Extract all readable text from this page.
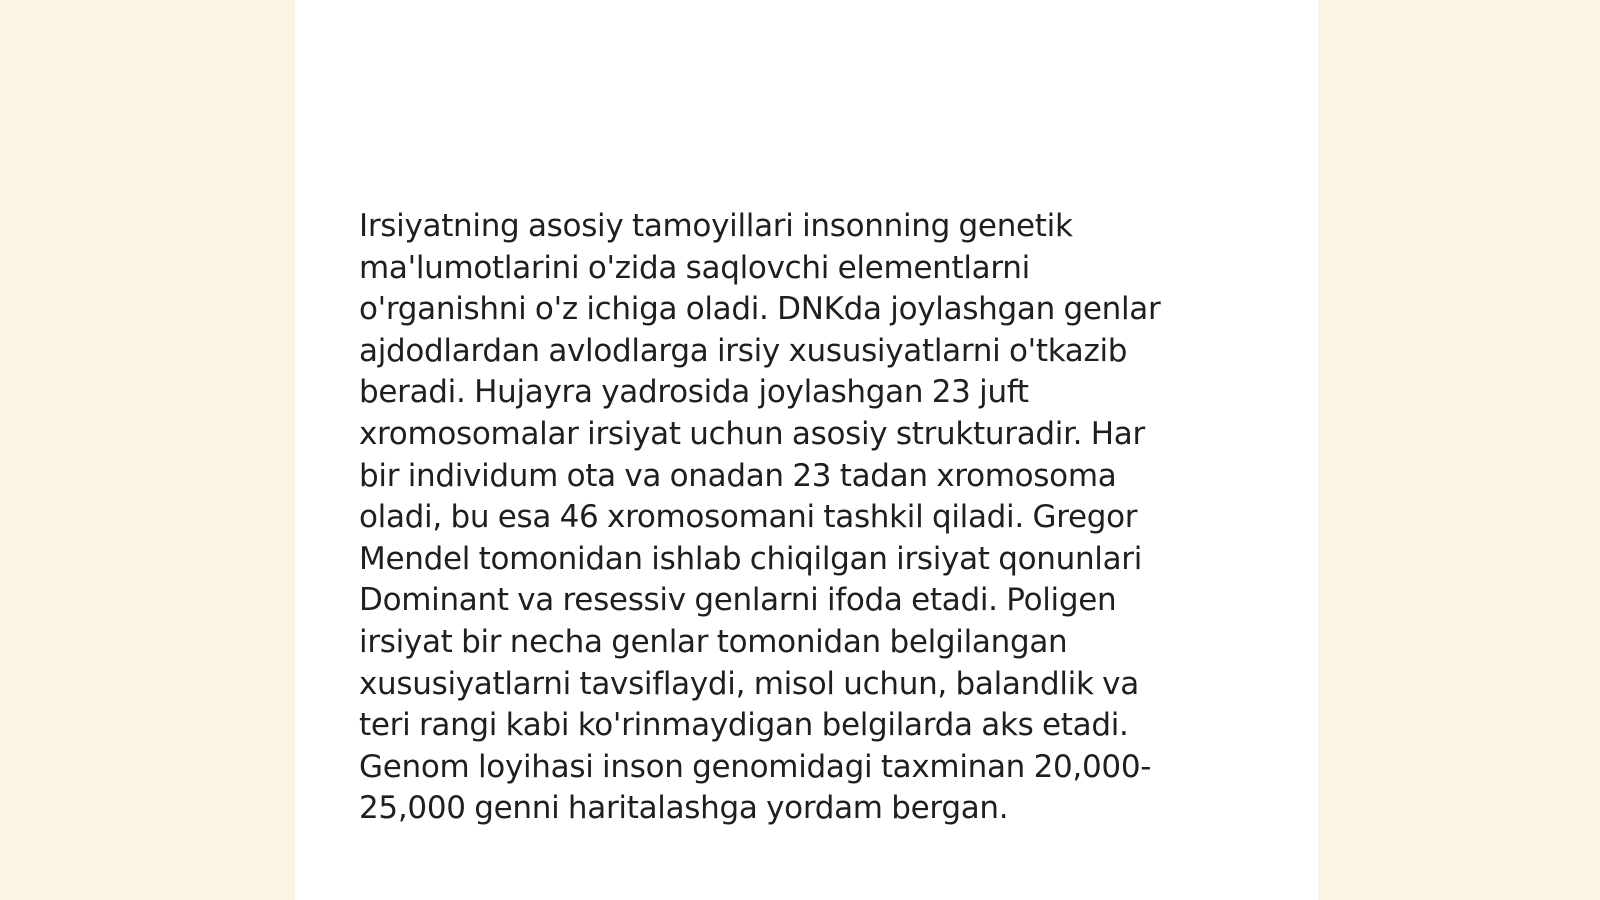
Irsiyatning asosiy tamoyillari insonning genetik
ma'lumotlarini o'zida saqlovchi elementlarni
o'rganishni o'z ichiga oladi. DNKda joylashgan genlar
ajdodlardan avlodlarga irsiy xususiyatlarni o'tkazib
beradi. Hujayra yadrosida joylashgan 23 juft
xromosomalar irsiyat uchun asosiy strukturadir. Har
bir individum ota va onadan 23 tadan xromosoma
oladi, bu esa 46 xromosomani tashkil qiladi. Gregor
Mendel tomonidan ishlab chiqilgan irsiyat qonunlari
Dominant va resessiv genlarni ifoda etadi. Poligen
irsiyat bir necha genlar tomonidan belgilangan
xususiyatlarni tavsiflaydi, misol uchun, balandlik va
teri rangi kabi ko'rinmaydigan belgilarda aks etadi.
Genom loyihasi inson genomidagi taxminan 20,000-
25,000 genni haritalashga yordam bergan.
